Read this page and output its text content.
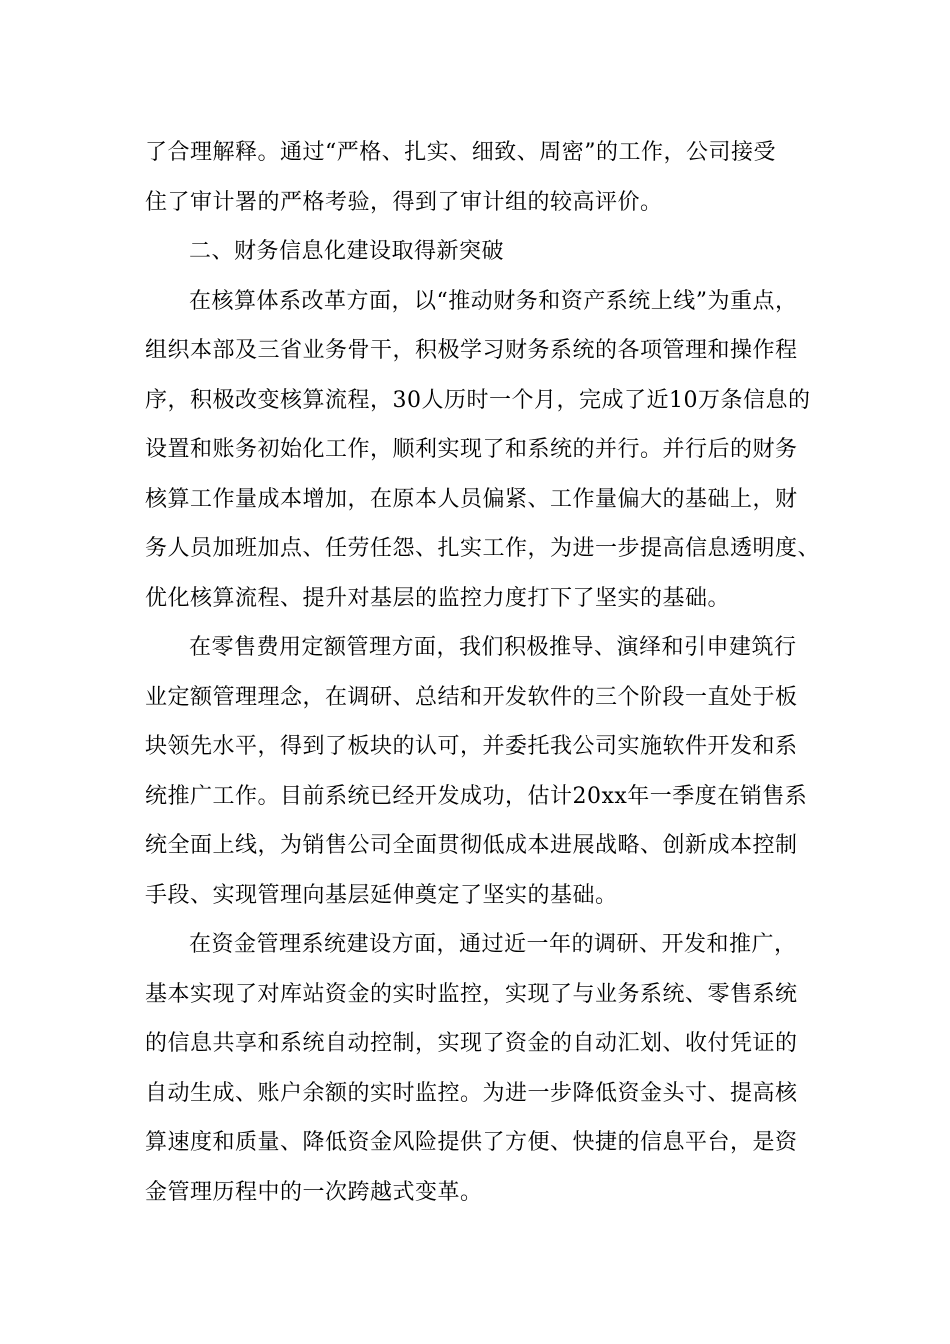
了合理解释。通过“严格、扎实、细致、周密”的工作，公司接受
住了审计署的严格考验，得到了审计组的较高评价。
二、财务信息化建设取得新突破
在核算体系改革方面，以“推动财务和资产系统上线”为重点，
组织本部及三省业务骨干，积极学习财务系统的各项管理和操作程
序，积极改变核算流程，30人历时一个月，完成了近10万条信息的
设置和账务初始化工作，顺利实现了和系统的并行。并行后的财务
核算工作量成本增加，在原本人员偏紧、工作量偏大的基础上，财
务人员加班加点、任劳任怨、扎实工作，为进一步提高信息透明度、
优化核算流程、提升对基层的监控力度打下了坚实的基础。
在零售费用定额管理方面，我们积极推导、演绎和引申建筑行
业定额管理理念，在调研、总结和开发软件的三个阶段一直处于板
块领先水平，得到了板块的认可，并委托我公司实施软件开发和系
统推广工作。目前系统已经开发成功，估计20xx年一季度在销售系
统全面上线，为销售公司全面贯彻低成本进展战略、创新成本控制
手段、实现管理向基层延伸奠定了坚实的基础。
在资金管理系统建设方面，通过近一年的调研、开发和推广，
基本实现了对库站资金的实时监控，实现了与业务系统、零售系统
的信息共享和系统自动控制，实现了资金的自动汇划、收付凭证的
自动生成、账户余额的实时监控。为进一步降低资金头寸、提高核
算速度和质量、降低资金风险提供了方便、快捷的信息平台，是资
金管理历程中的一次跨越式变革。
